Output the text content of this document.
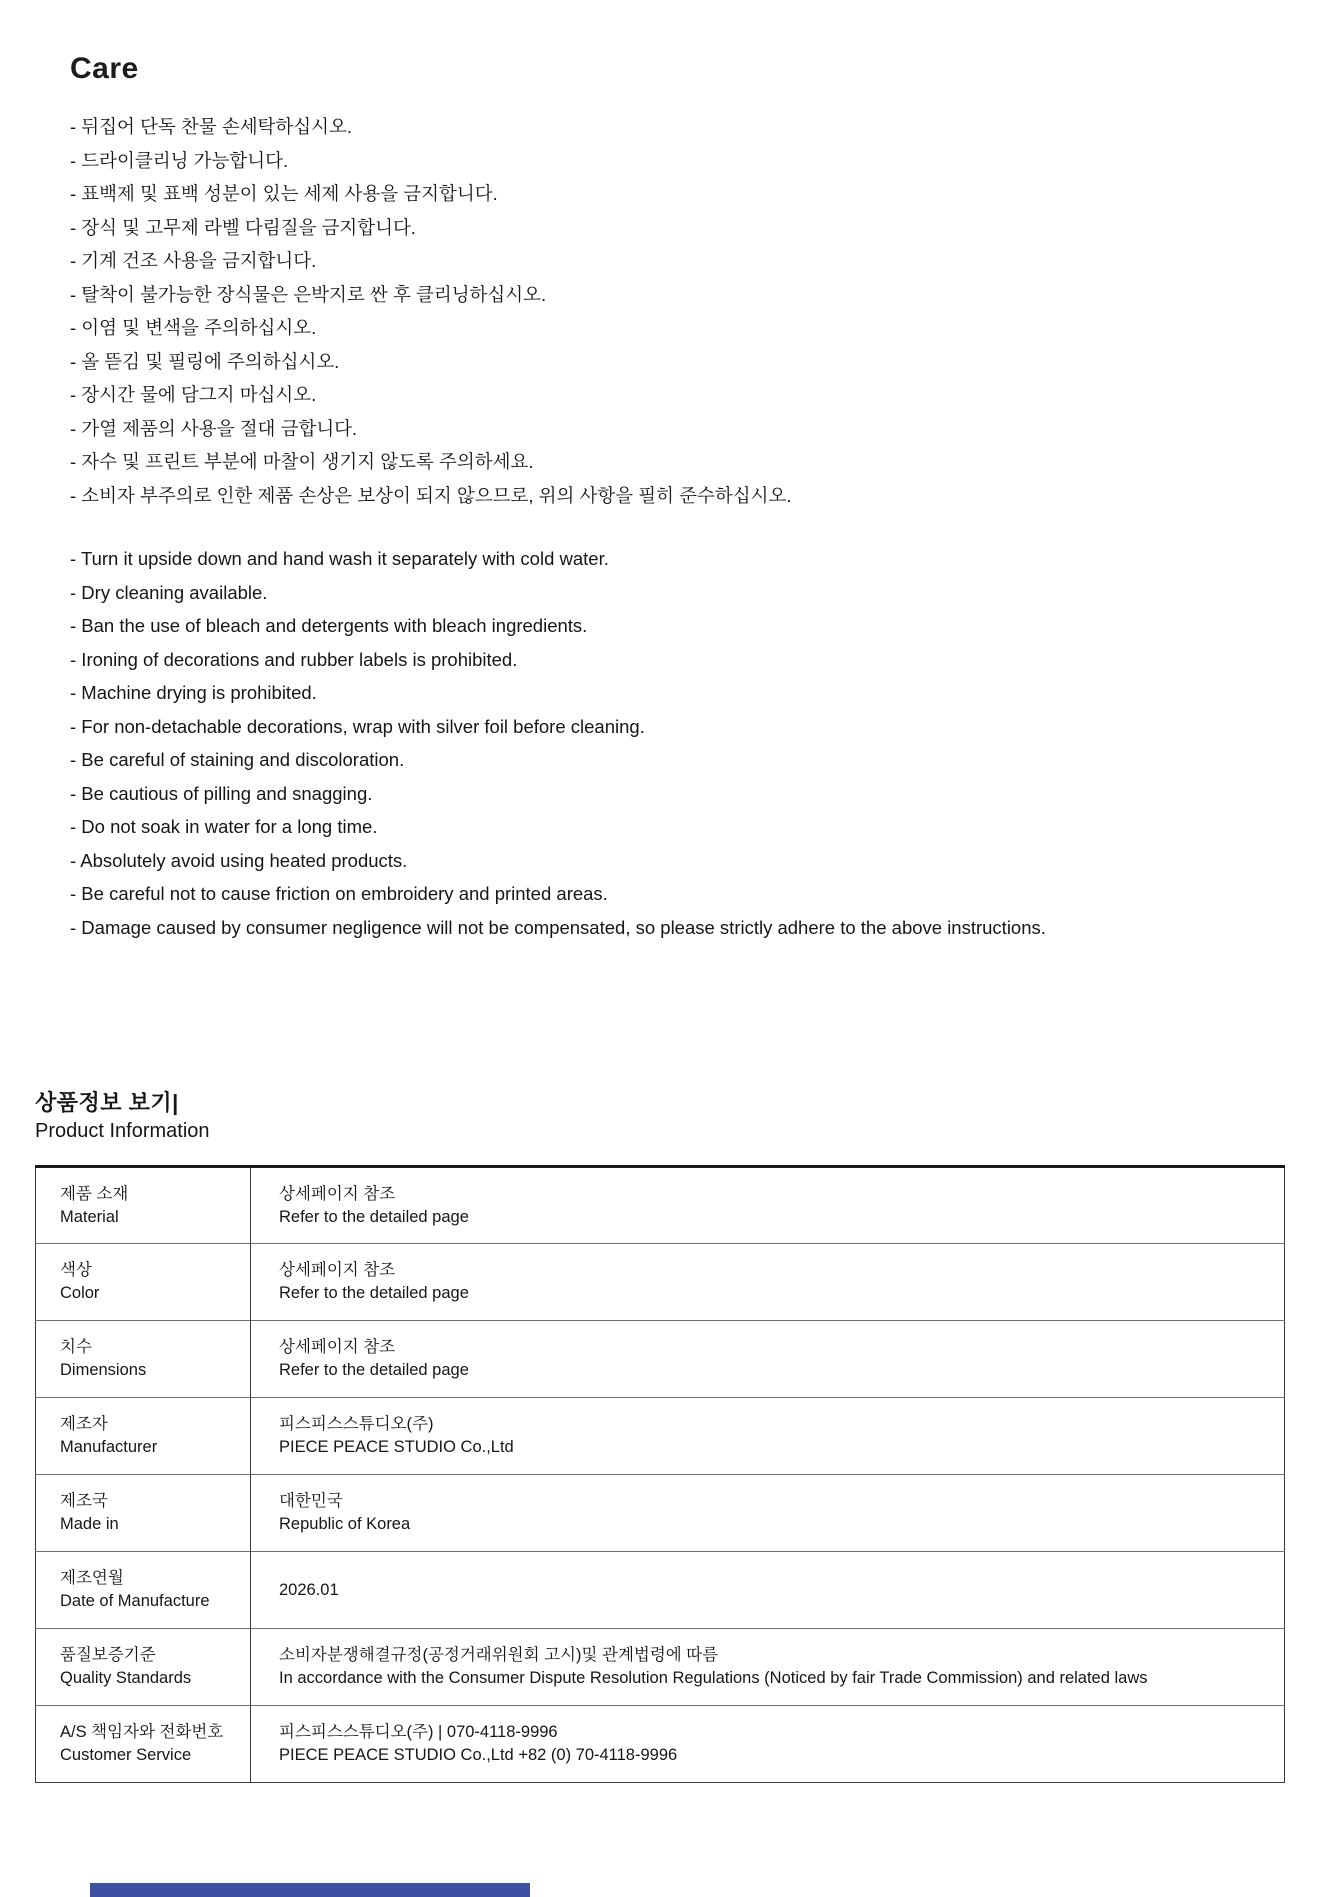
Care
- 뒤집어 단독 찬물 손세탁하십시오.
- 드라이클리닝 가능합니다.
- 표백제 및 표백 성분이 있는 세제 사용을 금지합니다.
- 장식 및 고무제 라벨 다림질을 금지합니다.
- 기계 건조 사용을 금지합니다.
- 탈착이 불가능한 장식물은 은박지로 싼 후 클리닝하십시오.
- 이염 및 변색을 주의하십시오.
- 올 뜯김 및 필링에 주의하십시오.
- 장시간 물에 담그지 마십시오.
- 가열 제품의 사용을 절대 금합니다.
- 자수 및 프린트 부분에 마찰이 생기지 않도록 주의하세요.
- 소비자 부주의로 인한 제품 손상은 보상이 되지 않으므로, 위의 사항을 필히 준수하십시오.
- Turn it upside down and hand wash it separately with cold water.
- Dry cleaning available.
- Ban the use of bleach and detergents with bleach ingredients.
- Ironing of decorations and rubber labels is prohibited.
- Machine drying is prohibited.
- For non-detachable decorations, wrap with silver foil before cleaning.
- Be careful of staining and discoloration.
- Be cautious of pilling and snagging.
- Do not soak in water for a long time.
- Absolutely avoid using heated products.
- Be careful not to cause friction on embroidery and printed areas.
- Damage caused by consumer negligence will not be compensated, so please strictly adhere to the above instructions.
상품정보 보기|
Product Information
제품 소재
Material

상세페이지 참조
Refer to the detailed page

색상
Color

상세페이지 참조
Refer to the detailed page

치수
Dimensions

상세페이지 참조
Refer to the detailed page

제조자
Manufacturer

피스피스스튜디오(주)
PIECE PEACE STUDIO Co.,Ltd

제조국
Made in

대한민국
Republic of Korea

제조연월
Date of Manufacture	2026.01

품질보증기준
Quality Standards

소비자분쟁해결규정(공정거래위원회 고시)및 관계법령에 따름
In accordance with the Consumer Dispute Resolution Regulations (Noticed by fair Trade Commission) and related laws

A/S 책임자와 전화번호
Customer Service

피스피스스튜디오(주) | 070-4118-9996
PIECE PEACE STUDIO Co.,Ltd +82 (0) 70-4118-9996
